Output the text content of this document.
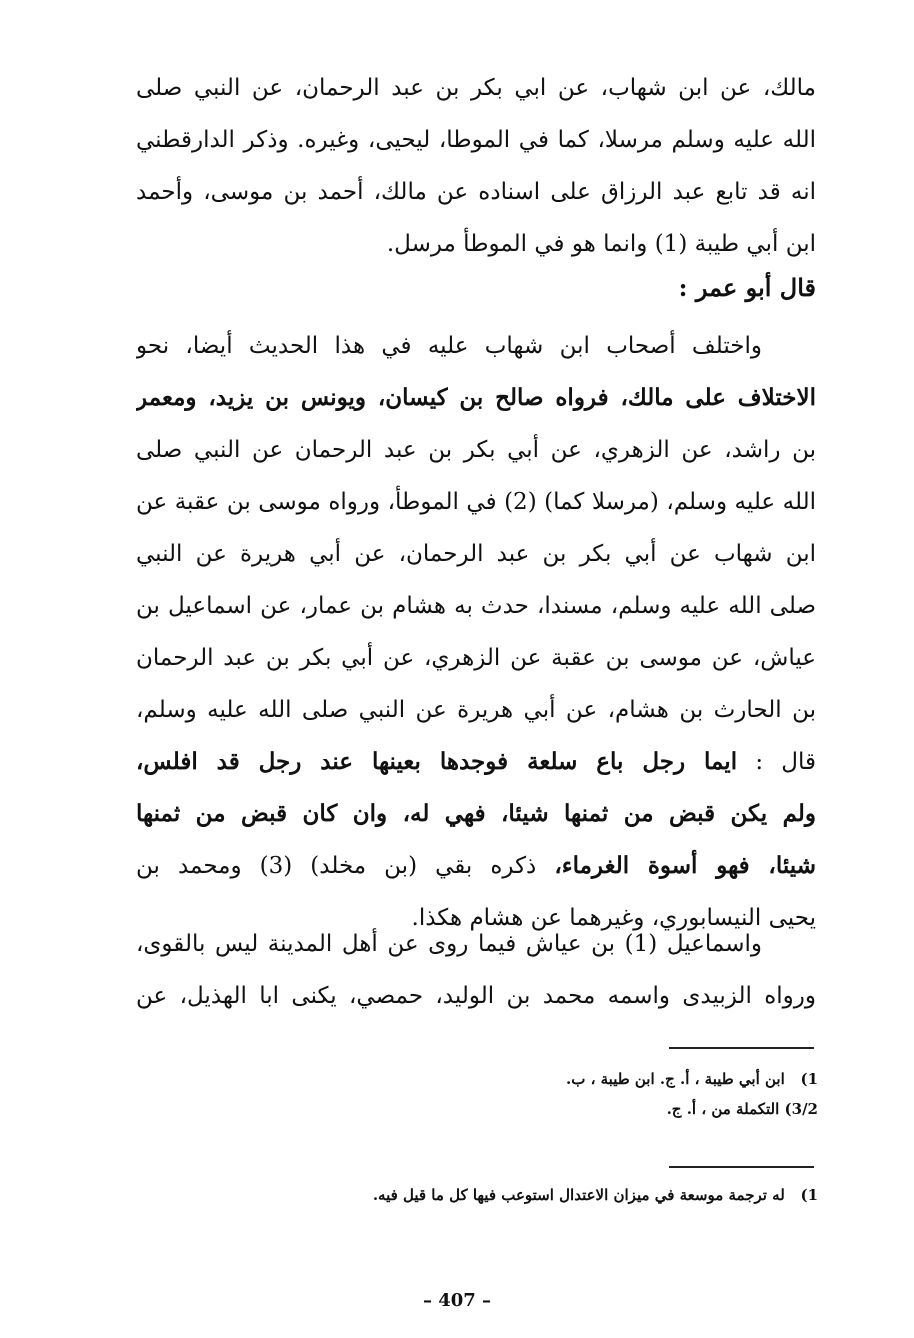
مالك، عن ابن شهاب، عن ابي بكر بن عبد الرحمان، عن النبي صلى
الله عليه وسلم مرسلا، كما في الموطا، ليحيى، وغيره. وذكر الدارقطني
انه قد تابع عبد الرزاق على اسناده عن مالك، أحمد بن موسى، وأحمد
ابن أبي طيبة (1) وانما هو في الموطأ مرسل.
قال أبو عمر :
واختلف أصحاب ابن شهاب عليه في هذا الحديث أيضا، نحو
الاختلاف على مالك، فرواه صالح بن كيسان، ويونس بن يزيد، ومعمر
بن راشد، عن الزهري، عن أبي بكر بن عبد الرحمان عن النبي صلى
الله عليه وسلم، (مرسلا كما) (2) في الموطأ، ورواه موسى بن عقبة عن
ابن شهاب عن أبي بكر بن عبد الرحمان، عن أبي هريرة عن النبي
صلى الله عليه وسلم، مسندا، حدث به هشام بن عمار، عن اسماعيل بن
عياش، عن موسى بن عقبة عن الزهري، عن أبي بكر بن عبد الرحمان
بن الحارث بن هشام، عن أبي هريرة عن النبي صلى الله عليه وسلم،
قال : ايما رجل باع سلعة فوجدها بعينها عند رجل قد افلس،
ولم يكن قبض من ثمنها شيئا، فهي له، وان كان قبض من ثمنها
شيئا، فهو أسوة الغرماء، ذكره بقي (بن مخلد) (3) ومحمد بن
يحيى النيسابوري، وغيرهما عن هشام هكذا.
واسماعيل (1) بن عياش فيما روى عن أهل المدينة ليس بالقوى،
ورواه الزبيدى واسمه محمد بن الوليد، حمصي، يكنى ابا الهذيل، عن
1) ابن أبي طيبة ، أ. ج. ابن طيبة ، ب.
3/2) التكملة من ، أ. ج.
1) له ترجمة موسعة في ميزان الاعتدال استوعب فيها كل ما قيل فيه.
– 407 –
